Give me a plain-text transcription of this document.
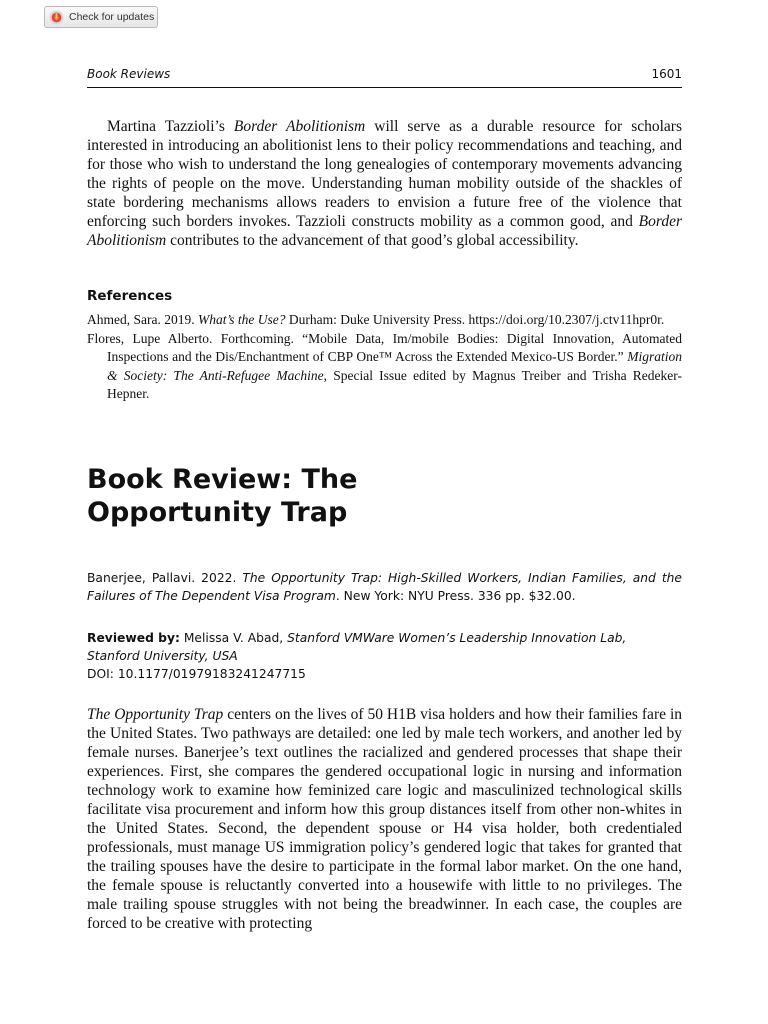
Check for updates
Book Reviews	1601

Martina Tazzioli’s Border Abolitionism will serve as a durable resource for scholars interested in introducing an abolitionist lens to their policy recommendations and teaching, and for those who wish to understand the long genealogies of contemporary movements advancing the rights of people on the move. Understanding human mobility outside of the shackles of state bordering mechanisms allows readers to envision a future free of the violence that enforcing such borders invokes. Tazzioli constructs mobility as a common good, and Border Abolitionism contributes to the advancement of that good’s global accessibility.

References

Ahmed, Sara. 2019. What’s the Use? Durham: Duke University Press. https://doi.org/10.2307/j.ctv11hpr0r.

Flores, Lupe Alberto. Forthcoming. “Mobile Data, Im/mobile Bodies: Digital Innovation, Automated Inspections and the Dis/Enchantment of CBP One™ Across the Extended Mexico-US Border.” Migration & Society: The Anti-Refugee Machine, Special Issue edited by Magnus Treiber and Trisha Redeker-Hepner.

Book Review: The Opportunity Trap

Banerjee, Pallavi. 2022. The Opportunity Trap: High-Skilled Workers, Indian Families, and the Failures of The Dependent Visa Program. New York: NYU Press. 336 pp. $32.00.

Reviewed by: Melissa V. Abad, Stanford VMWare Women’s Leadership Innovation Lab, Stanford University, USA
DOI: 10.1177/01979183241247715

The Opportunity Trap centers on the lives of 50 H1B visa holders and how their families fare in the United States. Two pathways are detailed: one led by male tech workers, and another led by female nurses. Banerjee’s text outlines the racialized and gendered processes that shape their experiences. First, she compares the gendered occupational logic in nursing and information technology work to examine how feminized care logic and masculinized technological skills facilitate visa procurement and inform how this group distances itself from other non-whites in the United States. Second, the dependent spouse or H4 visa holder, both credentialed professionals, must manage US immigration policy’s gendered logic that takes for granted that the trailing spouses have the desire to participate in the formal labor market. On the one hand, the female spouse is reluctantly converted into a housewife with little to no privileges. The male trailing spouse struggles with not being the breadwinner. In each case, the couples are forced to be creative with protecting
